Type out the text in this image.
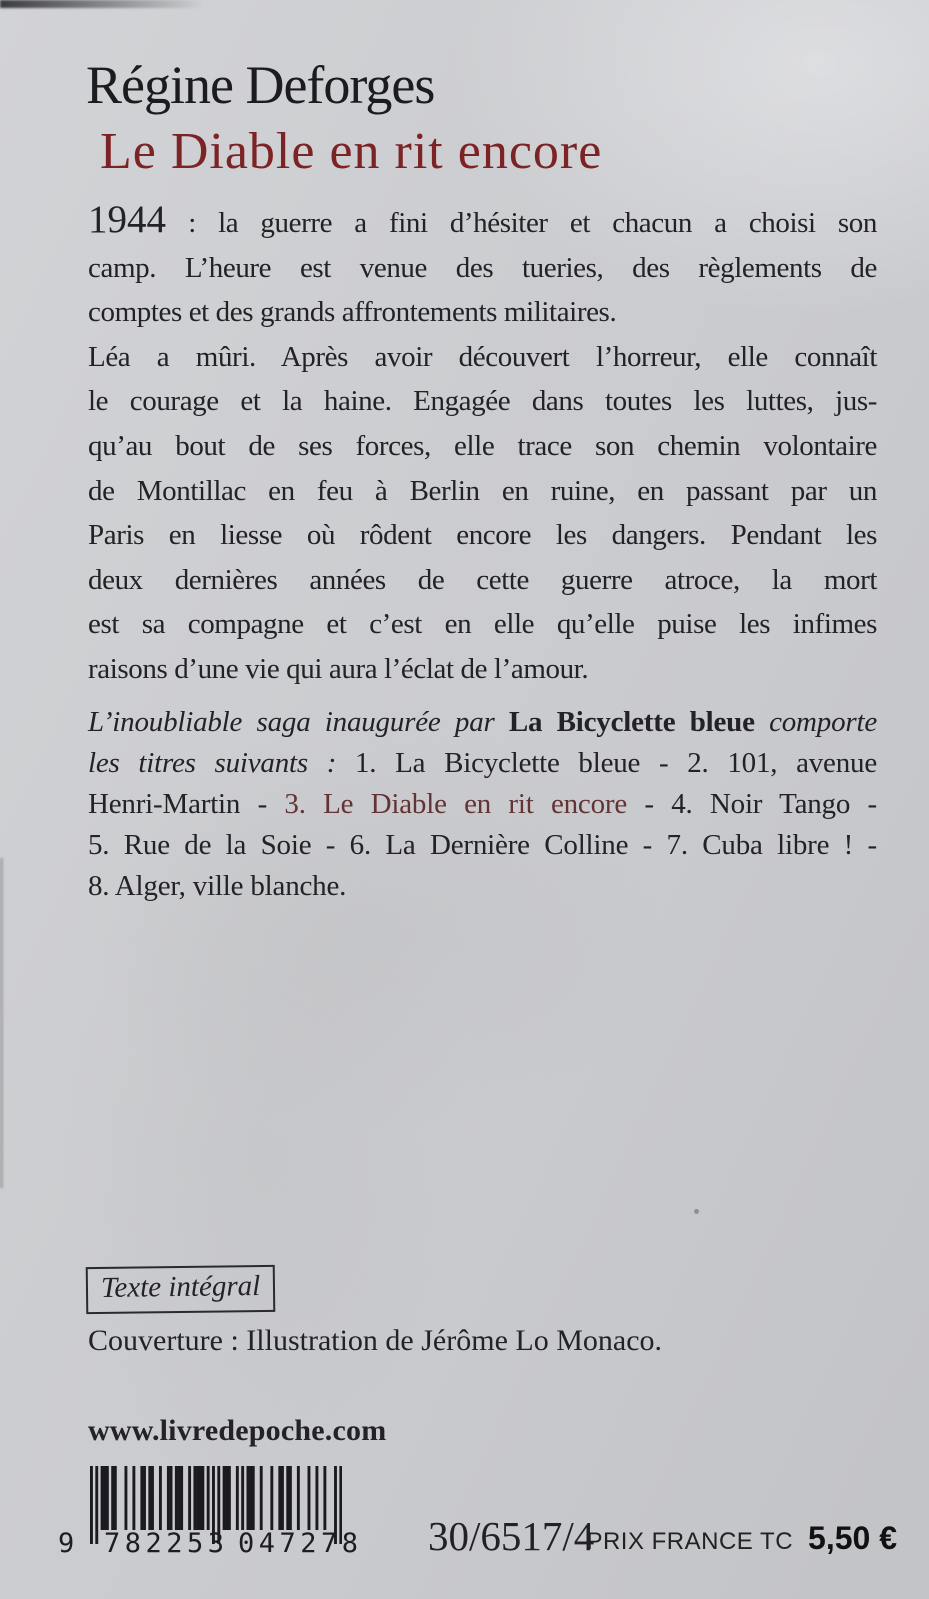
Régine Deforges
Le Diable en rit encore
1944 : la guerre a fini d’hésiter et chacun a choisi son
camp. L’heure est venue des tueries, des règlements de
comptes et des grands affrontements militaires.
Léa a mûri. Après avoir découvert l’horreur, elle connaît
le courage et la haine. Engagée dans toutes les luttes, jus-
qu’au bout de ses forces, elle trace son chemin volontaire
de Montillac en feu à Berlin en ruine, en passant par un
Paris en liesse où rôdent encore les dangers. Pendant les
deux dernières années de cette guerre atroce, la mort
est sa compagne et c’est en elle qu’elle puise les infimes
raisons d’une vie qui aura l’éclat de l’amour.
L’inoubliable saga inaugurée par La Bicyclette bleue comporte
les titres suivants : 1. La Bicyclette bleue - 2. 101, avenue
Henri-Martin - 3. Le Diable en rit encore - 4. Noir Tango -
5. Rue de la Soie - 6. La Dernière Colline - 7. Cuba libre ! -
8. Alger, ville blanche.
Texte intégral
Couverture : Illustration de Jérôme Lo Monaco.
www.livredepoche.com
9 782253 047278 30/6517/4
PRIX FRANCE TC 5,50 €
